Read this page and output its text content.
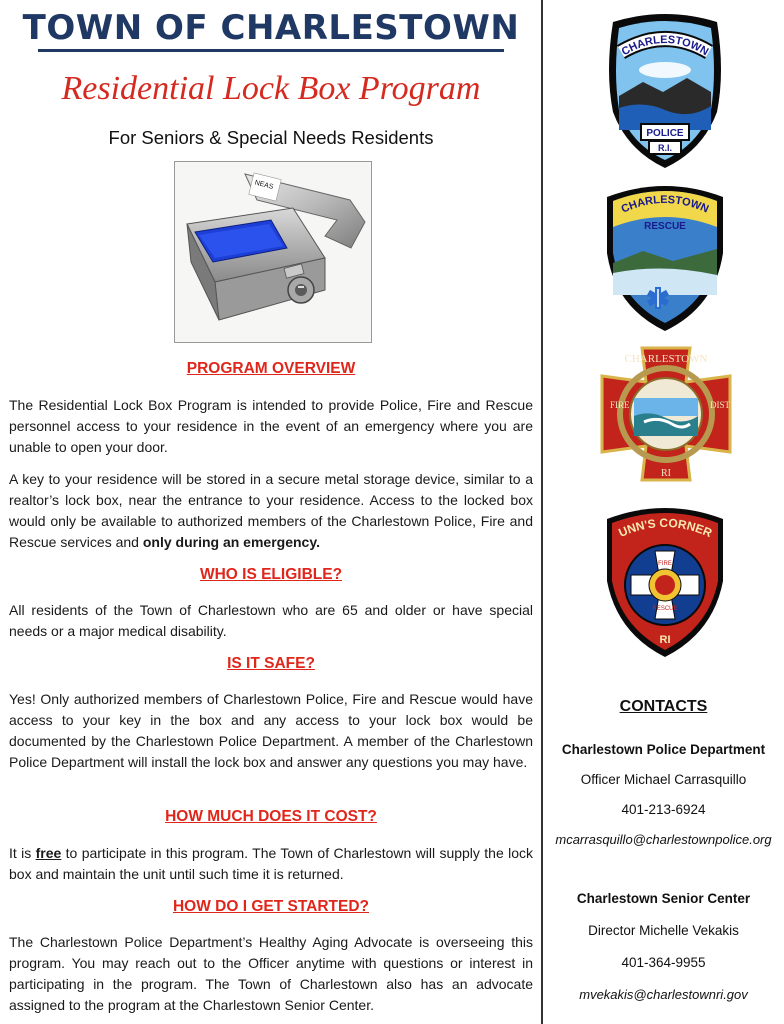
TOWN OF CHARLESTOWN
Residential Lock Box Program
For Seniors & Special Needs Residents
NEAS
PROGRAM OVERVIEW

The Residential Lock Box Program is intended to provide Police, Fire and Rescue personnel access to your residence in the event of an emergency where you are unable to open your door.

A key to your residence will be stored in a secure metal storage device, similar to a realtor’s lock box, near the entrance to your residence. Access to the locked box would only be available to authorized members of the Charlestown Police, Fire and Rescue services and only during an emergency.

WHO IS ELIGIBLE?

All residents of the Town of Charlestown who are 65 and older or have special needs or a major medical disability.

IS IT SAFE?

Yes! Only authorized members of Charlestown Police, Fire and Rescue would have access to your key in the box and any access to your lock box would be documented by the Charlestown Police Department. A member of the Charlestown Police Department will install the lock box and answer any questions you may have.

HOW MUCH DOES IT COST?

It is free to participate in this program. The Town of Charlestown will supply the lock box and maintain the unit until such time it is returned.

HOW DO I GET STARTED?

The Charlestown Police Department’s Healthy Aging Advocate is overseeing this program. You may reach out to the Officer anytime with questions or interest in participating in the program. The Town of Charlestown also has an advocate assigned to the program at the Charlestown Senior Center.

CHARLESTOWN
POLICE
R.I.
CHARLESTOWN
RESCUE
CHARLESTOWN
FIRE	DIST
RI
UNN'S CORNER
FIRE
RESCUE
RI
CONTACTS
Charlestown Police Department
Officer Michael Carrasquillo
401-213-6924
mcarrasquillo@charlestownpolice.org
Charlestown Senior Center
Director Michelle Vekakis
401-364-9955
mvekakis@charlestownri.gov
